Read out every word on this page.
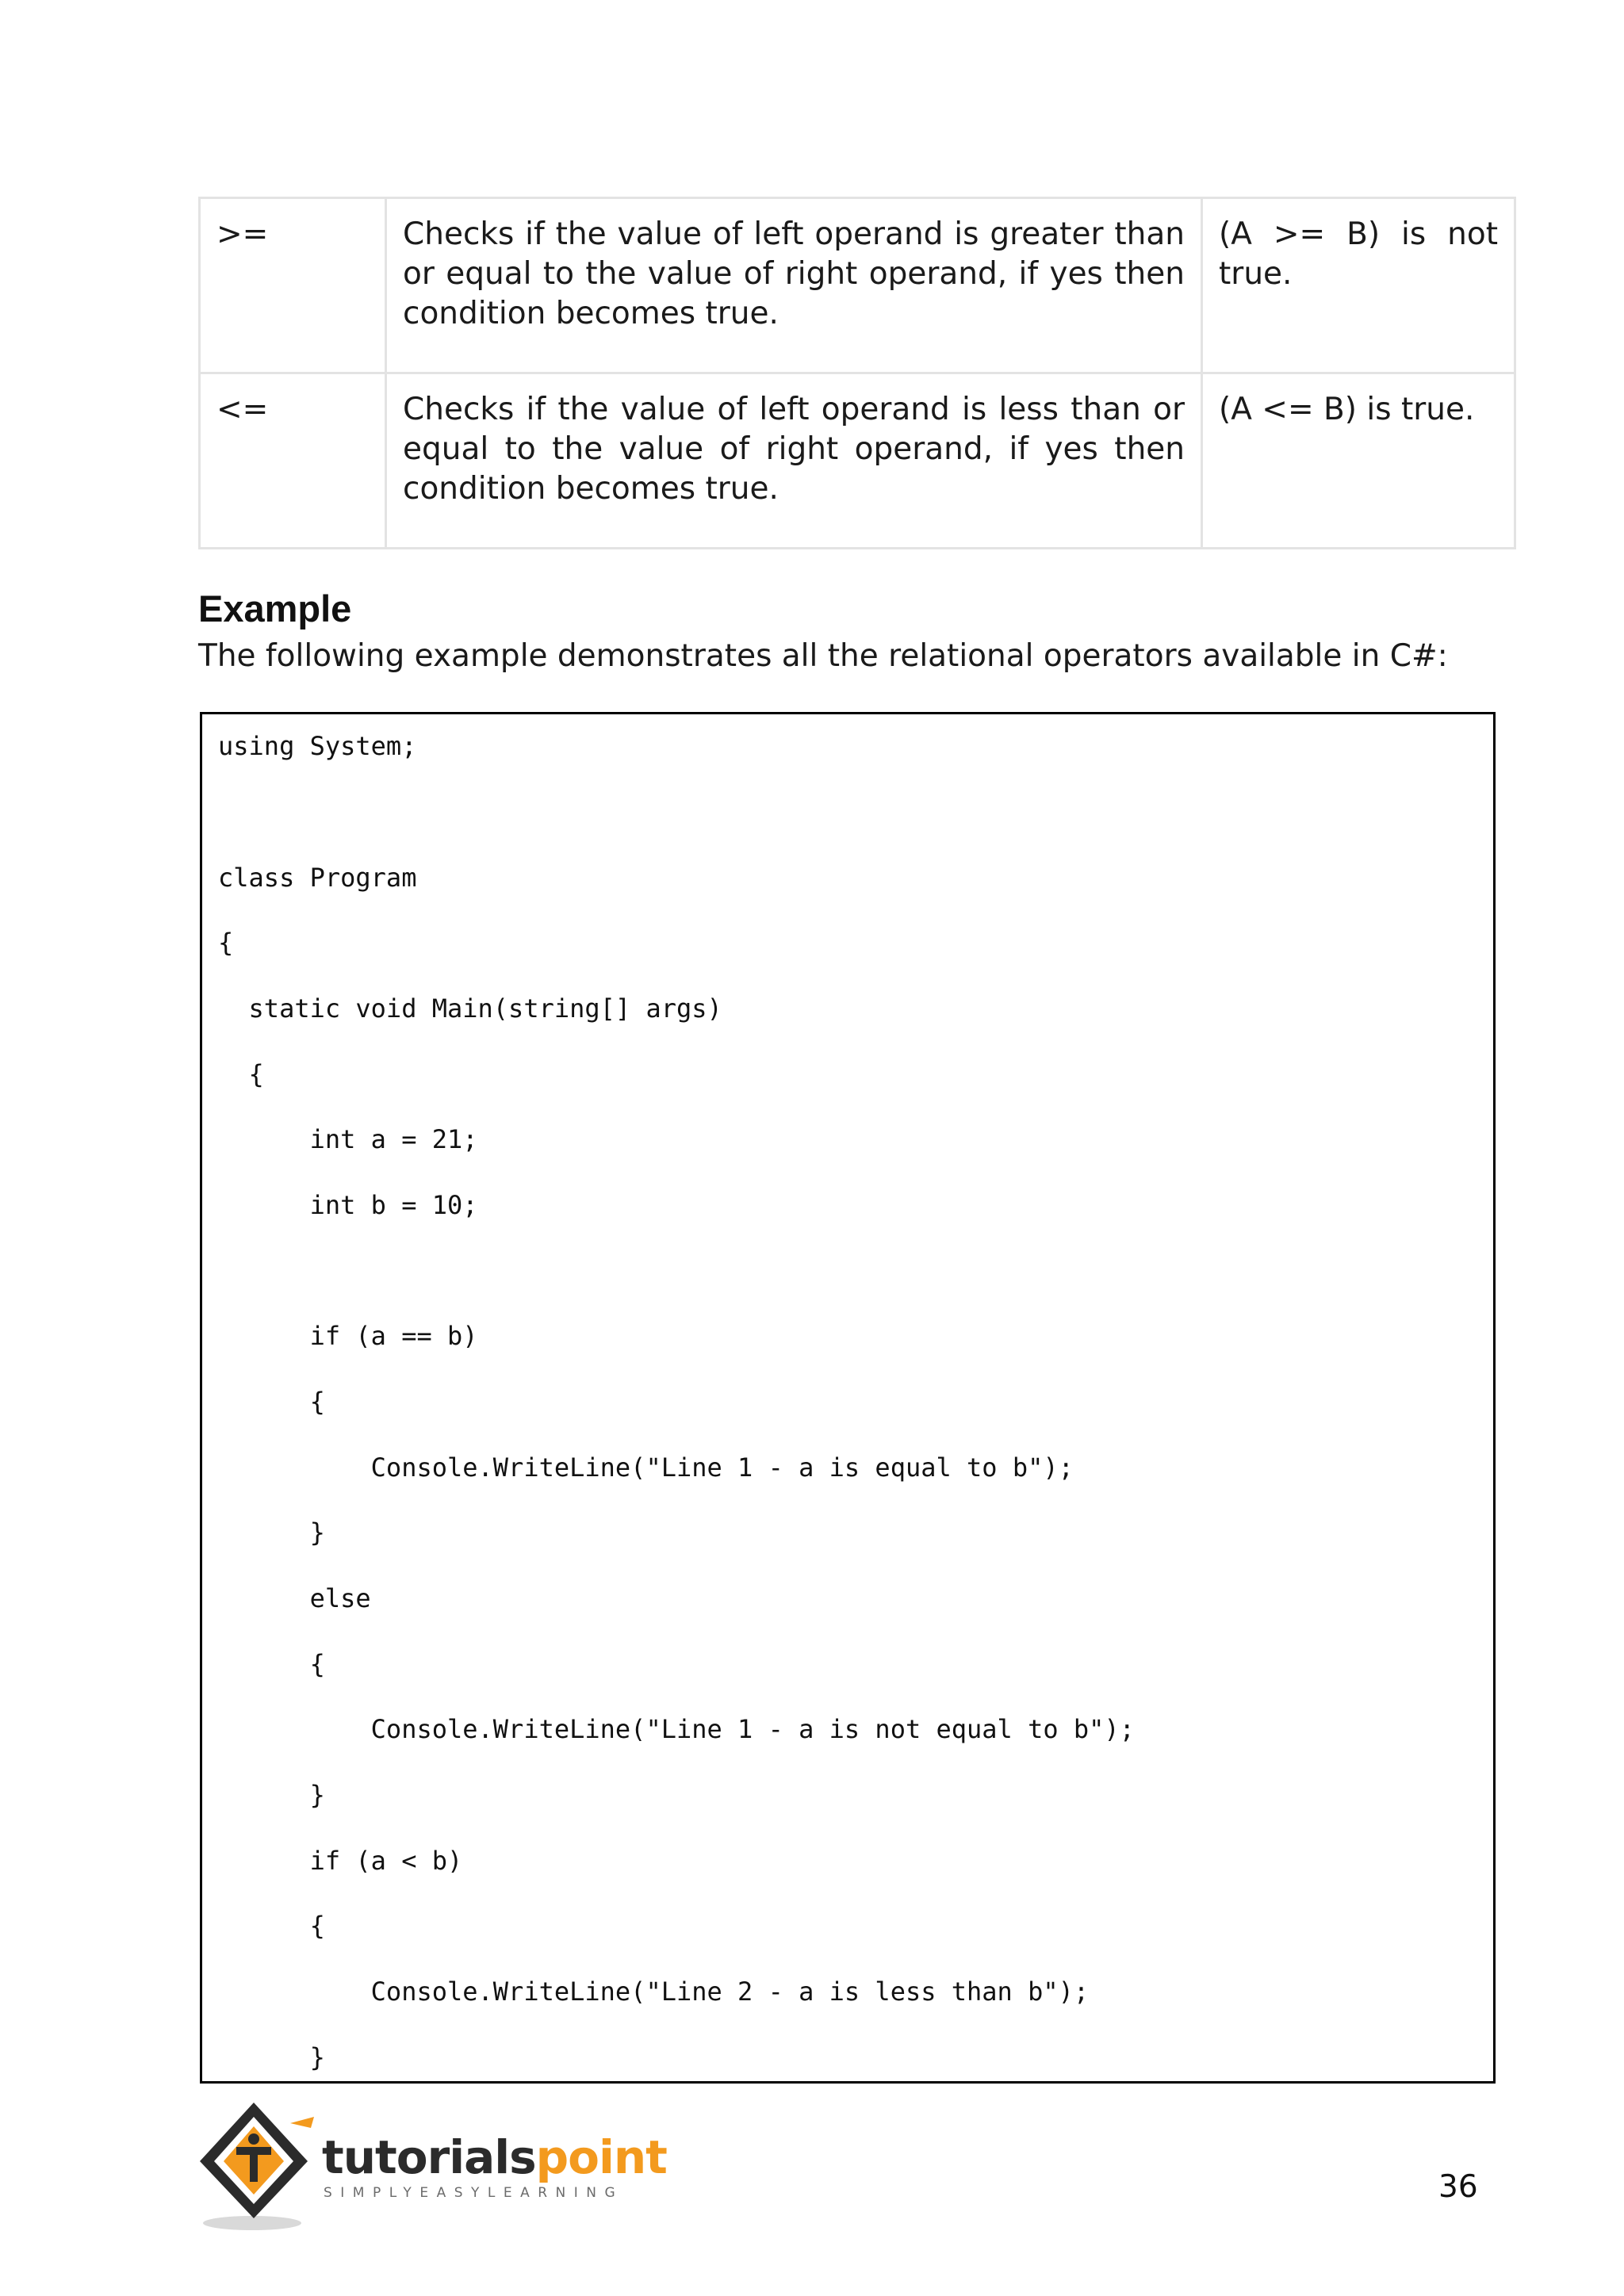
>=	Checks if the value of left operand is greater than or equal to the value of right operand, if yes then condition becomes true.	(A >= B) is not true.
<=	Checks if the value of left operand is less than or equal to the value of right operand, if yes then condition becomes true.	(A <= B) is true.
Example
The following example demonstrates all the relational operators available in C#:
using System;
class Program
{
static void Main(string[] args)
{
int a = 21;
int b = 10;
if (a == b)
{
Console.WriteLine("Line 1 - a is equal to b");
}
else
{
Console.WriteLine("Line 1 - a is not equal to b");
}
if (a < b)
{
Console.WriteLine("Line 2 - a is less than b");
}
tutorialspoint
SIMPLYEASYLEARNING	36
